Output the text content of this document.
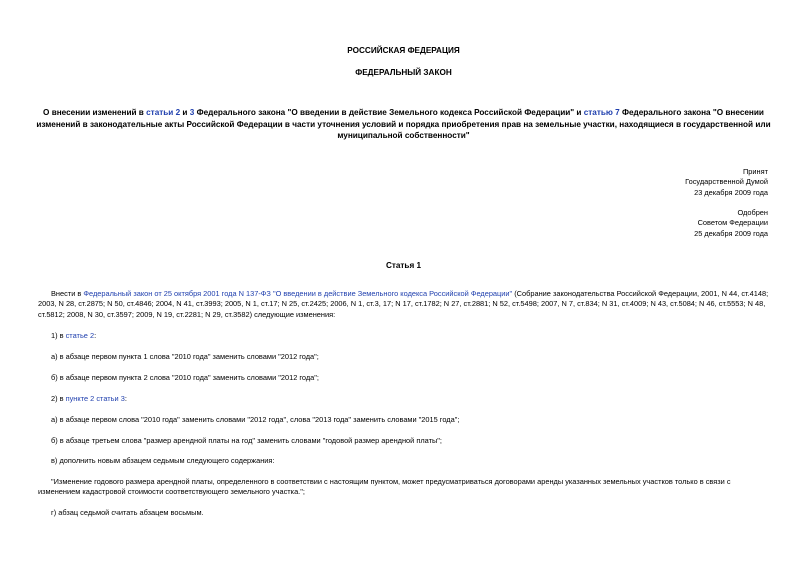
РОССИЙСКАЯ ФЕДЕРАЦИЯ
ФЕДЕРАЛЬНЫЙ ЗАКОН
О внесении изменений в статьи 2 и 3 Федерального закона "О введении в действие Земельного кодекса Российской Федерации" и статью 7 Федерального закона "О внесении изменений в законодательные акты Российской Федерации в части уточнения условий и порядка приобретения прав на земельные участки, находящиеся в государственной или муниципальной собственности"
Принят
Государственной Думой
23 декабря 2009 года
Одобрен
Советом Федерации
25 декабря 2009 года
Статья 1
Внести в Федеральный закон от 25 октября 2001 года N 137-ФЗ "О введении в действие Земельного кодекса Российской Федерации" (Собрание законодательства Российской Федерации, 2001, N 44, ст.4148; 2003, N 28, ст.2875; N 50, ст.4846; 2004, N 41, ст.3993; 2005, N 1, ст.17; N 25, ст.2425; 2006, N 1, ст.3, 17; N 17, ст.1782; N 27, ст.2881; N 52, ст.5498; 2007, N 7, ст.834; N 31, ст.4009; N 43, ст.5084; N 46, ст.5553; N 48, ст.5812; 2008, N 30, ст.3597; 2009, N 19, ст.2281; N 29, ст.3582) следующие изменения:
1) в статье 2:
а) в абзаце первом пункта 1 слова "2010 года" заменить словами "2012 года";
б) в абзаце первом пункта 2 слова "2010 года" заменить словами "2012 года";
2) в пункте 2 статьи 3:
а) в абзаце первом слова "2010 года" заменить словами "2012 года", слова "2013 года" заменить словами "2015 года";
б) в абзаце третьем слова "размер арендной платы на год" заменить словами "годовой размер арендной платы";
в) дополнить новым абзацем седьмым следующего содержания:
"Изменение годового размера арендной платы, определенного в соответствии с настоящим пунктом, может предусматриваться договорами аренды указанных земельных участков только в связи с изменением кадастровой стоимости соответствующего земельного участка.";
г) абзац седьмой считать абзацем восьмым.
